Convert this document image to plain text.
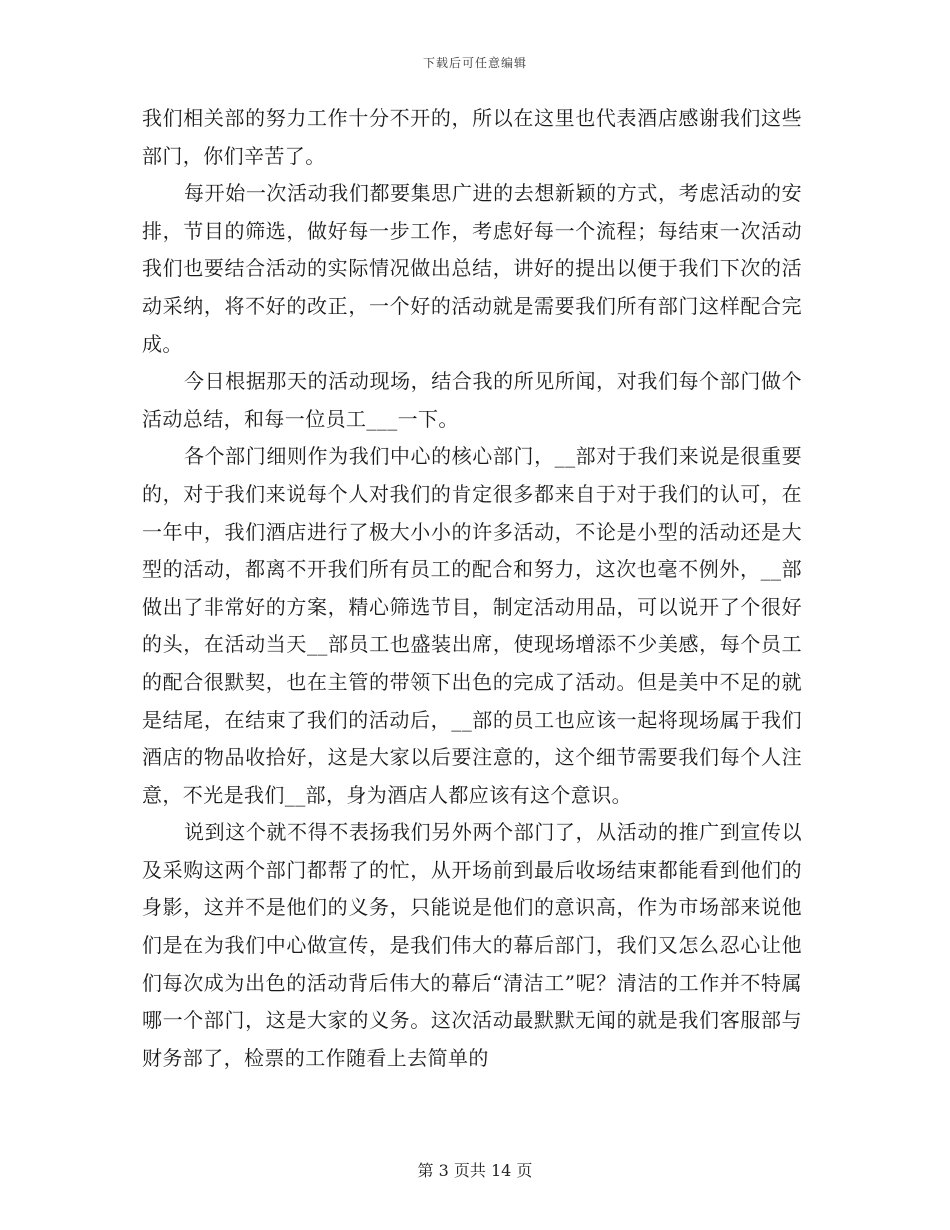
下载后可任意编辑

我们相关部的努力工作十分不开的，所以在这里也代表酒店感谢我们这些部门，你们辛苦了。

每开始一次活动我们都要集思广进的去想新颖的方式，考虑活动的安排，节目的筛选，做好每一步工作，考虑好每一个流程；每结束一次活动我们也要结合活动的实际情况做出总结，讲好的提出以便于我们下次的活动采纳，将不好的改正，一个好的活动就是需要我们所有部门这样配合完成。

今日根据那天的活动现场，结合我的所见所闻，对我们每个部门做个活动总结，和每一位员工___一下。

各个部门细则作为我们中心的核心部门，__部对于我们来说是很重要的，对于我们来说每个人对我们的肯定很多都来自于对于我们的认可，在一年中，我们酒店进行了极大小小的许多活动，不论是小型的活动还是大型的活动，都离不开我们所有员工的配合和努力，这次也毫不例外，__部做出了非常好的方案，精心筛选节目，制定活动用品，可以说开了个很好的头，在活动当天__部员工也盛装出席，使现场增添不少美感，每个员工的配合很默契，也在主管的带领下出色的完成了活动。但是美中不足的就是结尾，在结束了我们的活动后，__部的员工也应该一起将现场属于我们酒店的物品收拾好，这是大家以后要注意的，这个细节需要我们每个人注意，不光是我们__部，身为酒店人都应该有这个意识。

说到这个就不得不表扬我们另外两个部门了，从活动的推广到宣传以及采购这两个部门都帮了的忙，从开场前到最后收场结束都能看到他们的身影，这并不是他们的义务，只能说是他们的意识高，作为市场部来说他们是在为我们中心做宣传，是我们伟大的幕后部门，我们又怎么忍心让他们每次成为出色的活动背后伟大的幕后“清洁工”呢？清洁的工作并不特属哪一个部门，这是大家的义务。这次活动最默默无闻的就是我们客服部与财务部了，检票的工作随看上去简单的

第 3 页共 14 页
